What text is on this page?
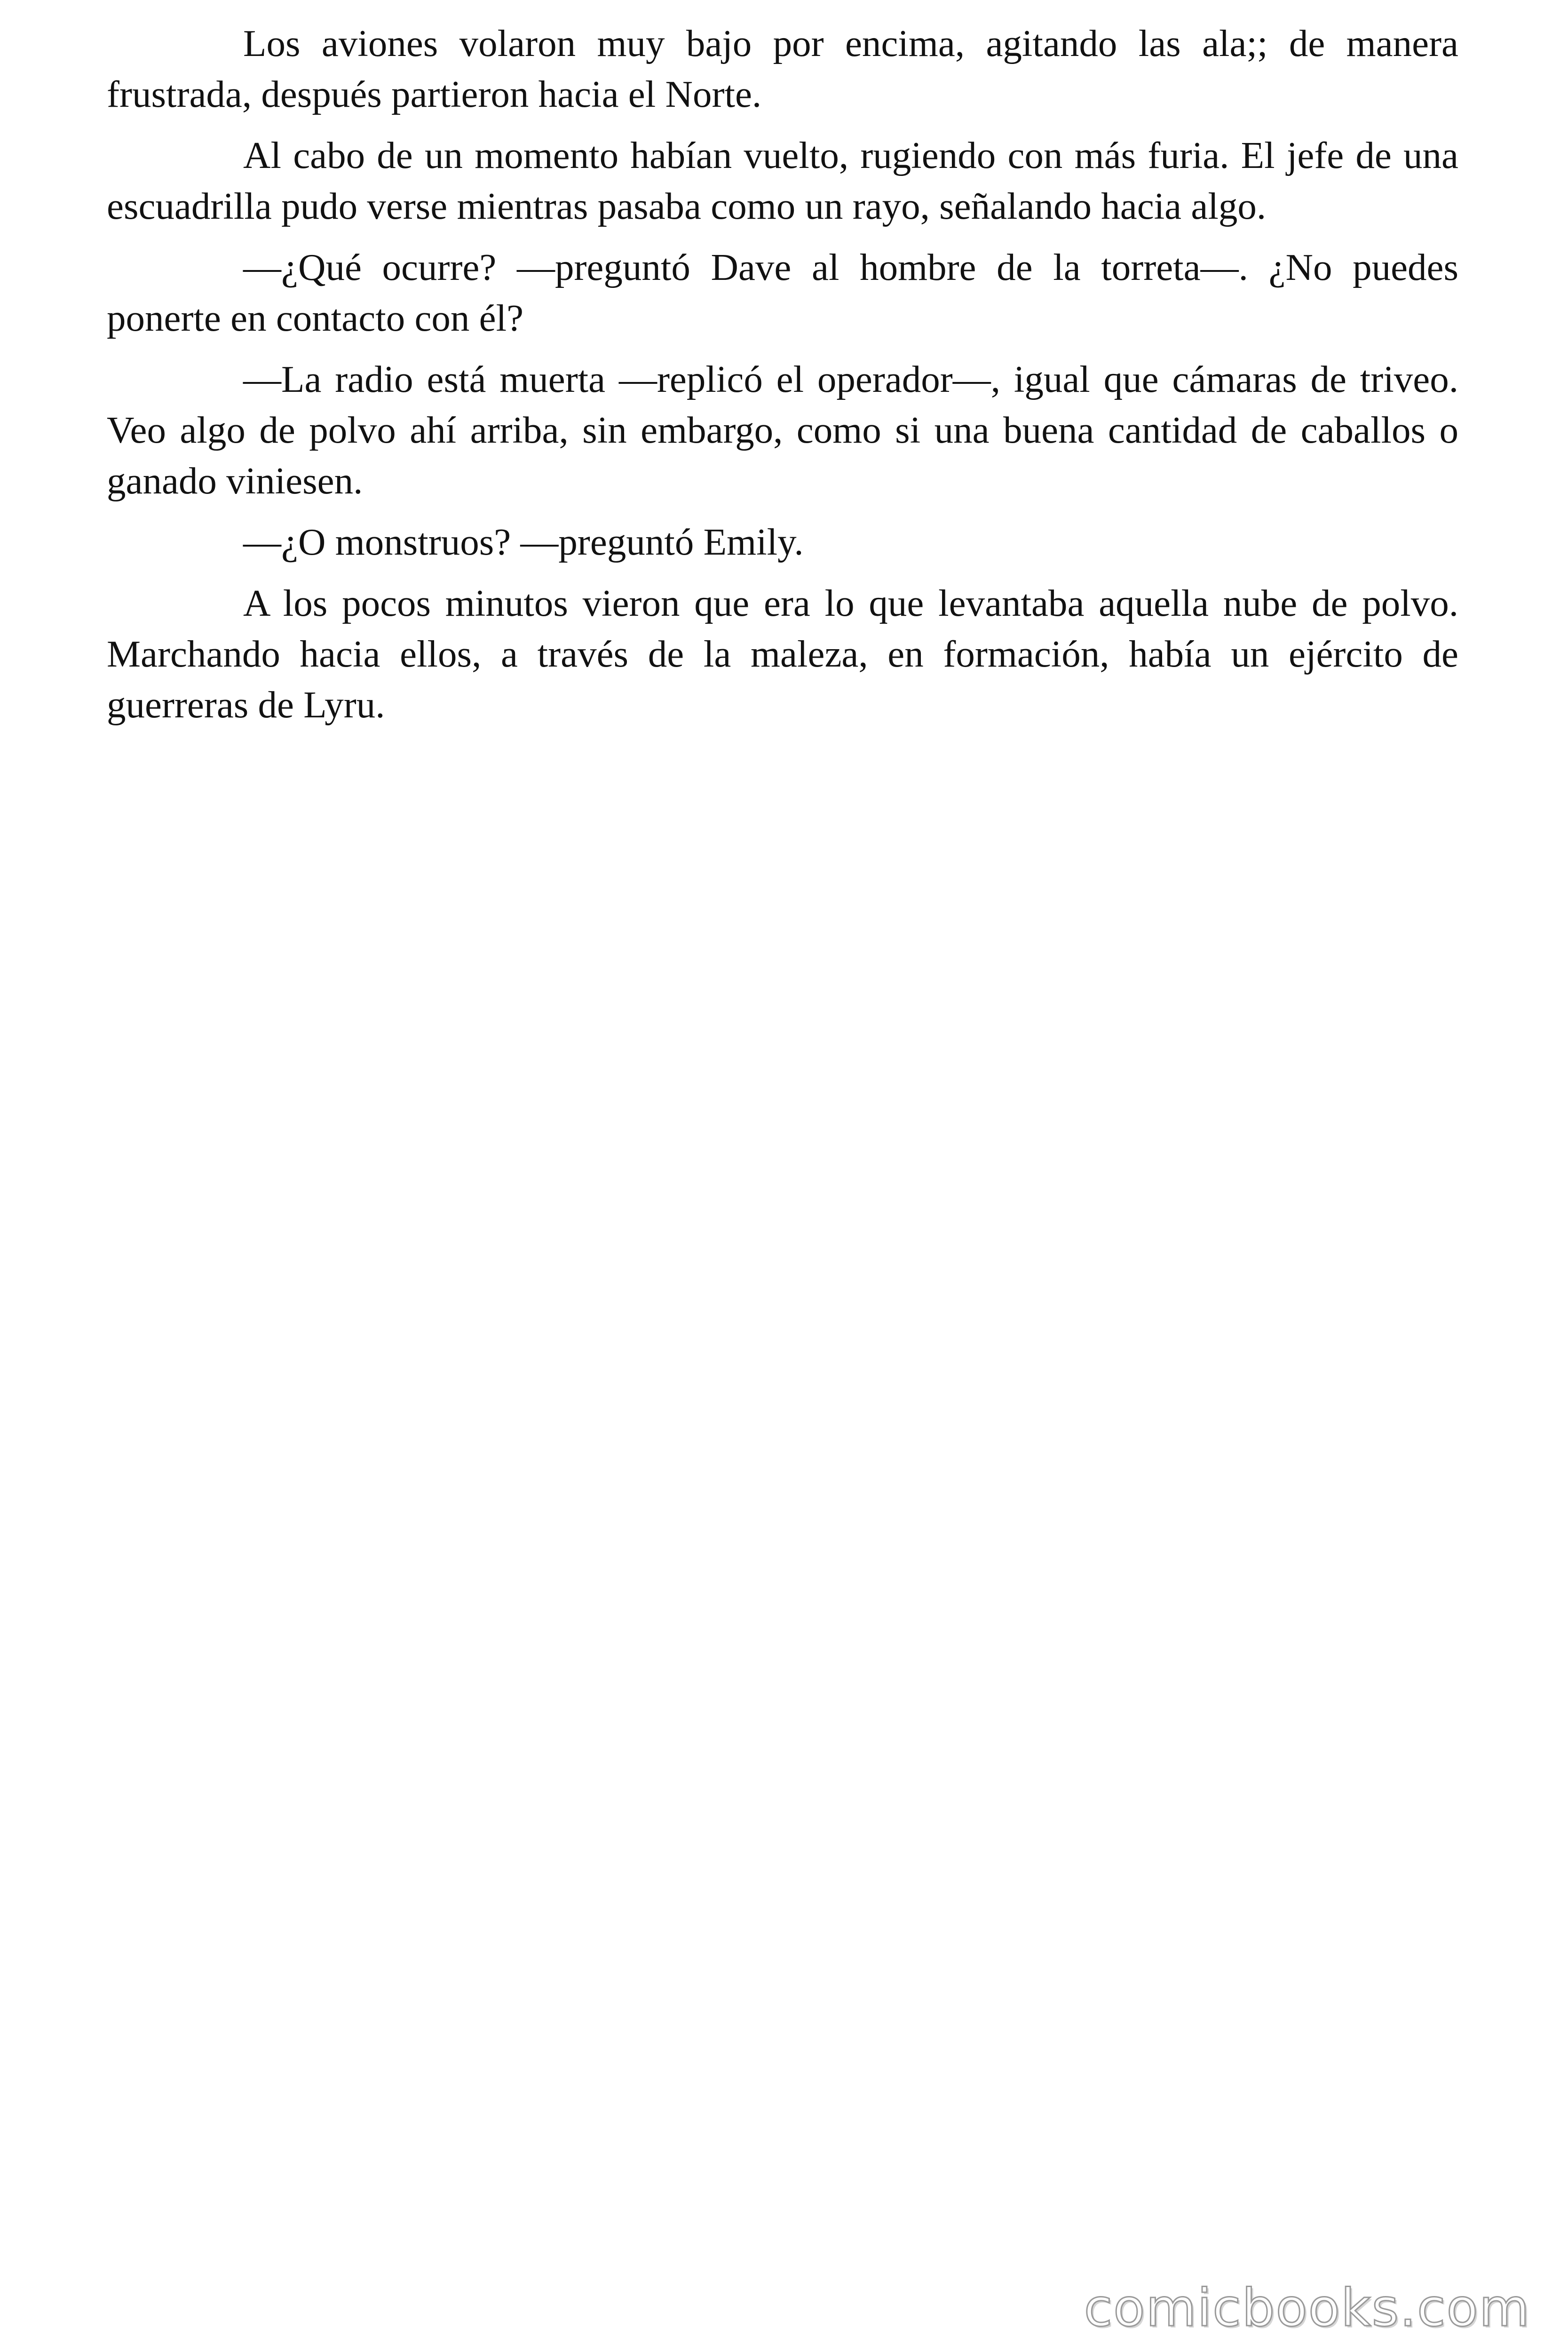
Los aviones volaron muy bajo por encima, agitando las ala;; de manera frustrada, después partieron hacia el Norte.

Al cabo de un momento habían vuelto, rugiendo con más furia. El jefe de una escuadrilla pudo verse mientras pasaba como un rayo, señalando hacia algo.

—¿Qué ocurre? —preguntó Dave al hombre de la torreta—. ¿No puedes ponerte en contacto con él?

—La radio está muerta —replicó el operador—, igual que cámaras de triveo. Veo algo de polvo ahí arriba, sin embargo, como si una buena cantidad de caballos o ganado viniesen.

—¿O monstruos? —preguntó Emily.

A los pocos minutos vieron que era lo que levantaba aquella nube de polvo. Marchando hacia ellos, a través de la maleza, en formación, había un ejército de guerreras de Lyru.

comicbooks.com
